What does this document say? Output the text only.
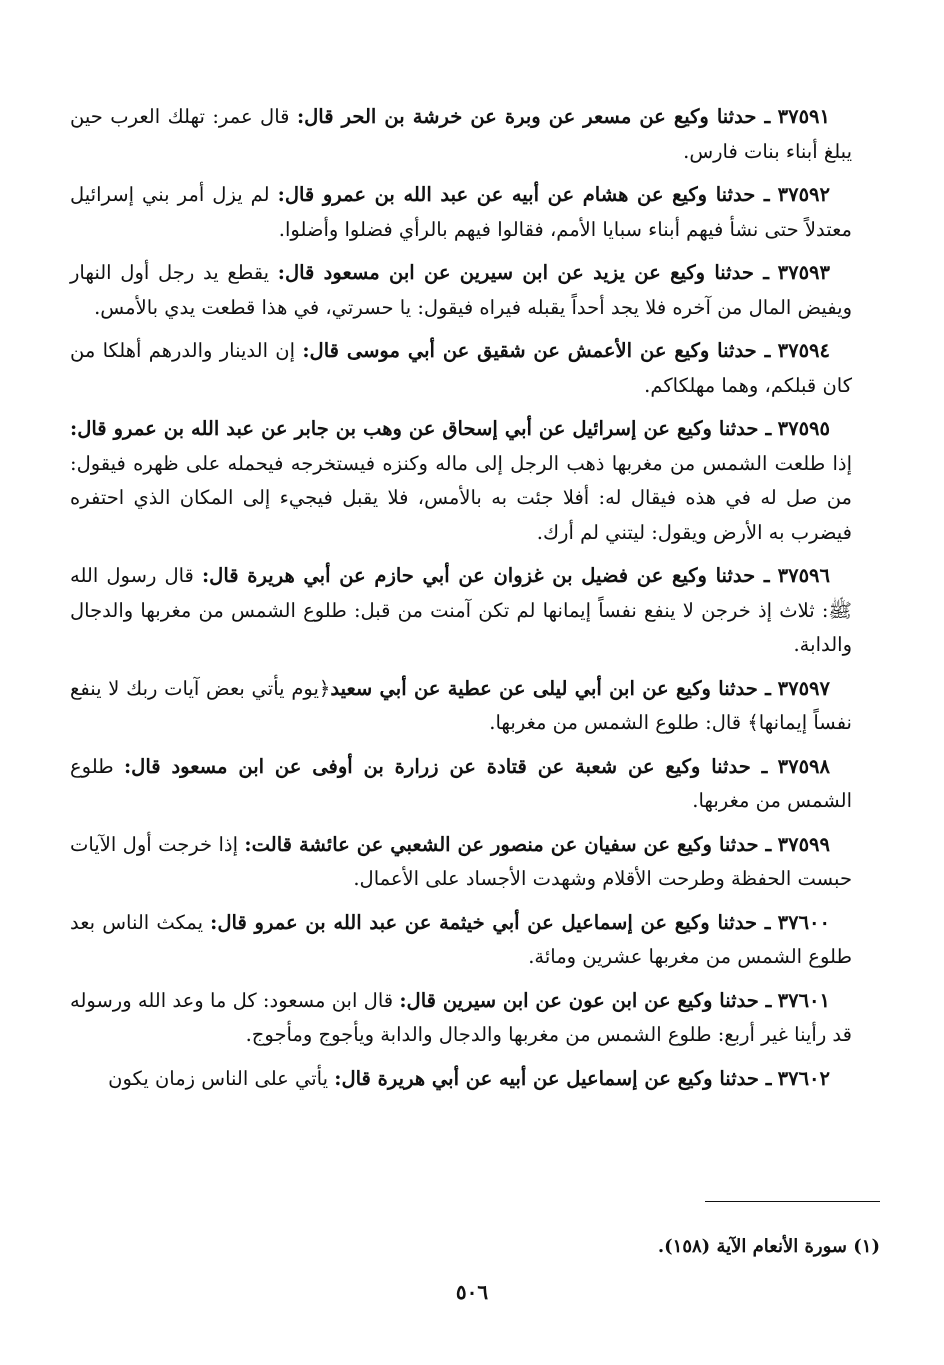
٣٧٥٩١ ـ حدثنا وكيع عن مسعر عن وبرة عن خرشة بن الحر قال: قال عمر: تهلك العرب حين يبلغ أبناء بنات فارس.

٣٧٥٩٢ ـ حدثنا وكيع عن هشام عن أبيه عن عبد الله بن عمرو قال: لم يزل أمر بني إسرائيل معتدلاً حتى نشأ فيهم أبناء سبايا الأمم، فقالوا فيهم بالرأي فضلوا وأضلوا.

٣٧٥٩٣ ـ حدثنا وكيع عن يزيد عن ابن سيرين عن ابن مسعود قال: يقطع يد رجل أول النهار ويفيض المال من آخره فلا يجد أحداً يقبله فيراه فيقول: يا حسرتي، في هذا قطعت يدي بالأمس.

٣٧٥٩٤ ـ حدثنا وكيع عن الأعمش عن شقيق عن أبي موسى قال: إن الدينار والدرهم أهلكا من كان قبلكم، وهما مهلكاكم.

٣٧٥٩٥ ـ حدثنا وكيع عن إسرائيل عن أبي إسحاق عن وهب بن جابر عن عبد الله بن عمرو قال: إذا طلعت الشمس من مغربها ذهب الرجل إلى ماله وكنزه فيستخرجه فيحمله على ظهره فيقول: من صل له في هذه فيقال له: أفلا جئت به بالأمس، فلا يقبل فيجيء إلى المكان الذي احتفره فيضرب به الأرض ويقول: ليتني لم أرك.

٣٧٥٩٦ ـ حدثنا وكيع عن فضيل بن غزوان عن أبي حازم عن أبي هريرة قال: قال رسول الله ﷺ: ثلاث إذ خرجن لا ينفع نفساً إيمانها لم تكن آمنت من قبل: طلوع الشمس من مغربها والدجال والدابة.

٣٧٥٩٧ ـ حدثنا وكيع عن ابن أبي ليلى عن عطية عن أبي سعيد﴿يوم يأتي بعض آيات ربك لا ينفع نفساً إيمانها﴾ قال: طلوع الشمس من مغربها.

٣٧٥٩٨ ـ حدثنا وكيع عن شعبة عن قتادة عن زرارة بن أوفى عن ابن مسعود قال: طلوع الشمس من مغربها.

٣٧٥٩٩ ـ حدثنا وكيع عن سفيان عن منصور عن الشعبي عن عائشة قالت: إذا خرجت أول الآيات حبست الحفظة وطرحت الأقلام وشهدت الأجساد على الأعمال.

٣٧٦٠٠ ـ حدثنا وكيع عن إسماعيل عن أبي خيثمة عن عبد الله بن عمرو قال: يمكث الناس بعد طلوع الشمس من مغربها عشرين ومائة.

٣٧٦٠١ ـ حدثنا وكيع عن ابن عون عن ابن سيرين قال: قال ابن مسعود: كل ما وعد الله ورسوله قد رأينا غير أربع: طلوع الشمس من مغربها والدجال والدابة ويأجوج ومأجوج.

٣٧٦٠٢ ـ حدثنا وكيع عن إسماعيل عن أبيه عن أبي هريرة قال: يأتي على الناس زمان يكون

(١) سورة الأنعام الآية (١٥٨).
٥٠٦
